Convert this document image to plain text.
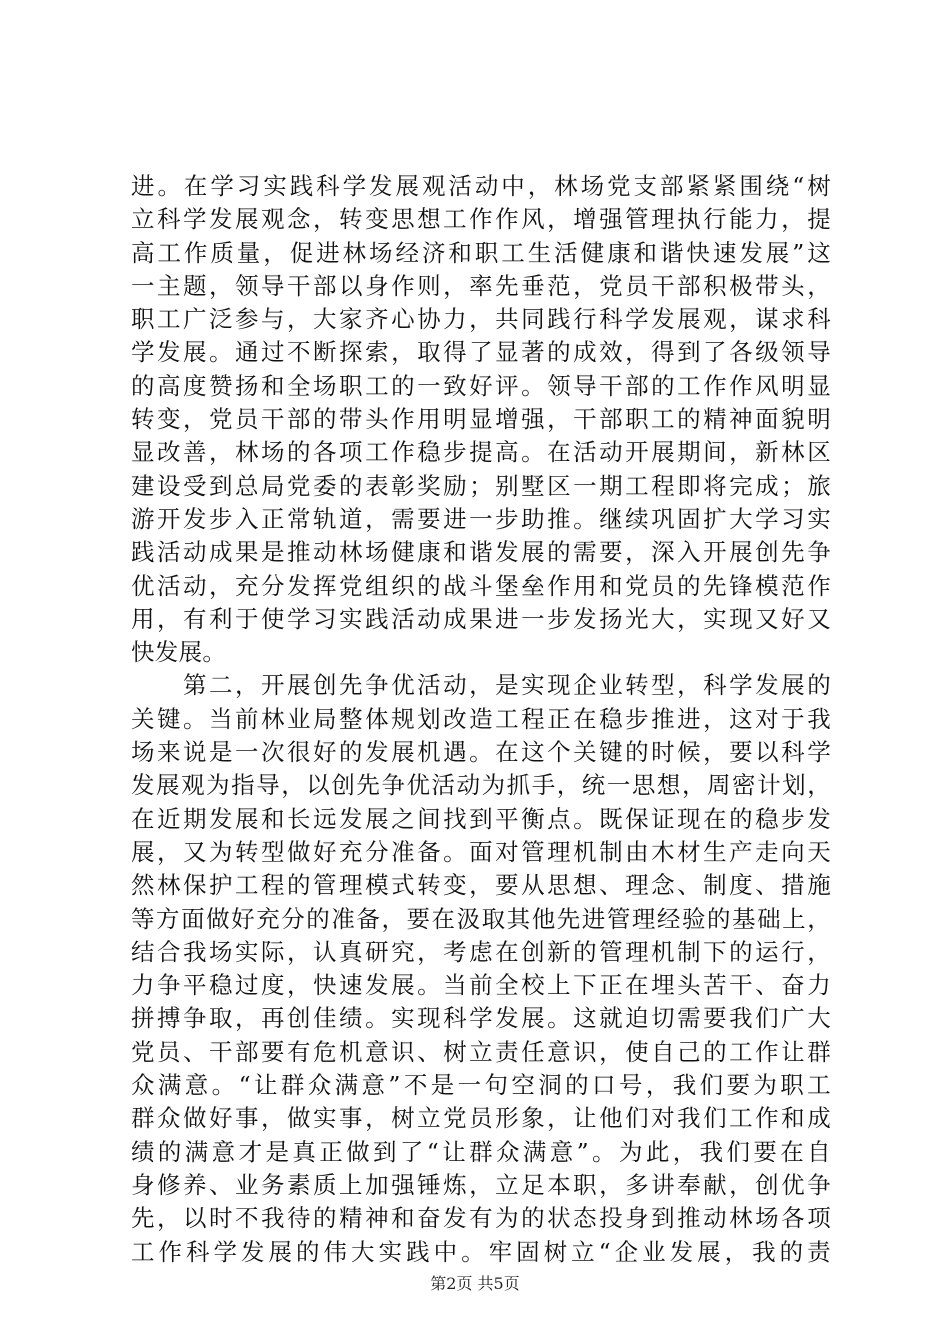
进。在学习实践科学发展观活动中，林场党支部紧紧围绕“树
立科学发展观念，转变思想工作作风，增强管理执行能力，提
高工作质量，促进林场经济和职工生活健康和谐快速发展”这
一主题，领导干部以身作则，率先垂范，党员干部积极带头，
职工广泛参与，大家齐心协力，共同践行科学发展观，谋求科
学发展。通过不断探索，取得了显著的成效，得到了各级领导
的高度赞扬和全场职工的一致好评。领导干部的工作作风明显
转变，党员干部的带头作用明显增强，干部职工的精神面貌明
显改善，林场的各项工作稳步提高。在活动开展期间，新林区
建设受到总局党委的表彰奖励；别墅区一期工程即将完成；旅
游开发步入正常轨道，需要进一步助推。继续巩固扩大学习实
践活动成果是推动林场健康和谐发展的需要，深入开展创先争
优活动，充分发挥党组织的战斗堡垒作用和党员的先锋模范作
用，有利于使学习实践活动成果进一步发扬光大，实现又好又
快发展。
　　第二，开展创先争优活动，是实现企业转型，科学发展的
关键。当前林业局整体规划改造工程正在稳步推进，这对于我
场来说是一次很好的发展机遇。在这个关键的时候，要以科学
发展观为指导，以创先争优活动为抓手，统一思想，周密计划，
在近期发展和长远发展之间找到平衡点。既保证现在的稳步发
展，又为转型做好充分准备。面对管理机制由木材生产走向天
然林保护工程的管理模式转变，要从思想、理念、制度、措施
等方面做好充分的准备，要在汲取其他先进管理经验的基础上，
结合我场实际，认真研究，考虑在创新的管理机制下的运行，
力争平稳过度，快速发展。当前全校上下正在埋头苦干、奋力
拼搏争取，再创佳绩。实现科学发展。这就迫切需要我们广大
党员、干部要有危机意识、树立责任意识，使自己的工作让群
众满意。“让群众满意”不是一句空洞的口号，我们要为职工
群众做好事，做实事，树立党员形象，让他们对我们工作和成
绩的满意才是真正做到了“让群众满意”。为此，我们要在自
身修养、业务素质上加强锤炼，立足本职，多讲奉献，创优争
先，以时不我待的精神和奋发有为的状态投身到推动林场各项
工作科学发展的伟大实践中。牢固树立“企业发展，我的责
第2页 共5页
